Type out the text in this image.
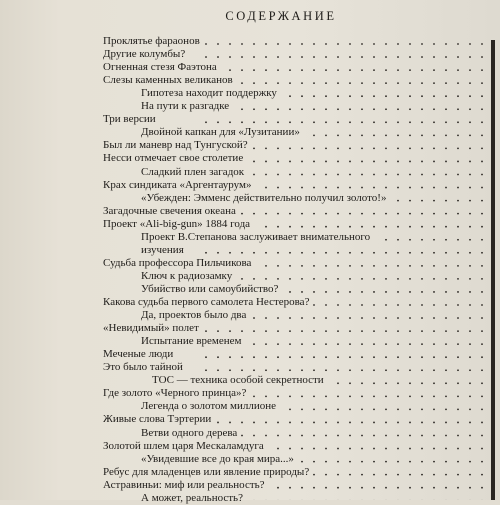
СОДЕРЖАНИЕ
Проклятье фараонов
Другие колумбы?
Огненная стезя Фаэтона
Слезы каменных великанов
Гипотеза находит поддержку
На пути к разгадке
Три версии
Двойной капкан для «Лузитании»
Был ли маневр над Тунгуской?
Несси отмечает свое столетие
Сладкий плен загадок
Крах синдиката «Аргентаурум»
«Убежден: Эмменс действительно получил золото!»
Загадочные свечения океана
Проект «Ali-big-gun» 1884 года
Проект В.Степанова заслуживает внимательного
изучения
Судьба профессора Пильчикова
Ключ к радиозамку
Убийство или самоубийство?
Какова судьба первого самолета Нестерова?
Да, проектов было два
«Невидимый» полет
Испытание временем
Меченые люди
Это было тайной
ТОС — техника особой секретности
Где золото «Черного принца»?
Легенда о золотом миллионе
Живые слова Тэртерии
Ветви одного дерева
Золотой шлем царя Мескаламдуга
«Увидевшие все до края мира...»
Ребус для младенцев или явление природы?
Астравиньи: миф или реальность?
А может, реальность?
